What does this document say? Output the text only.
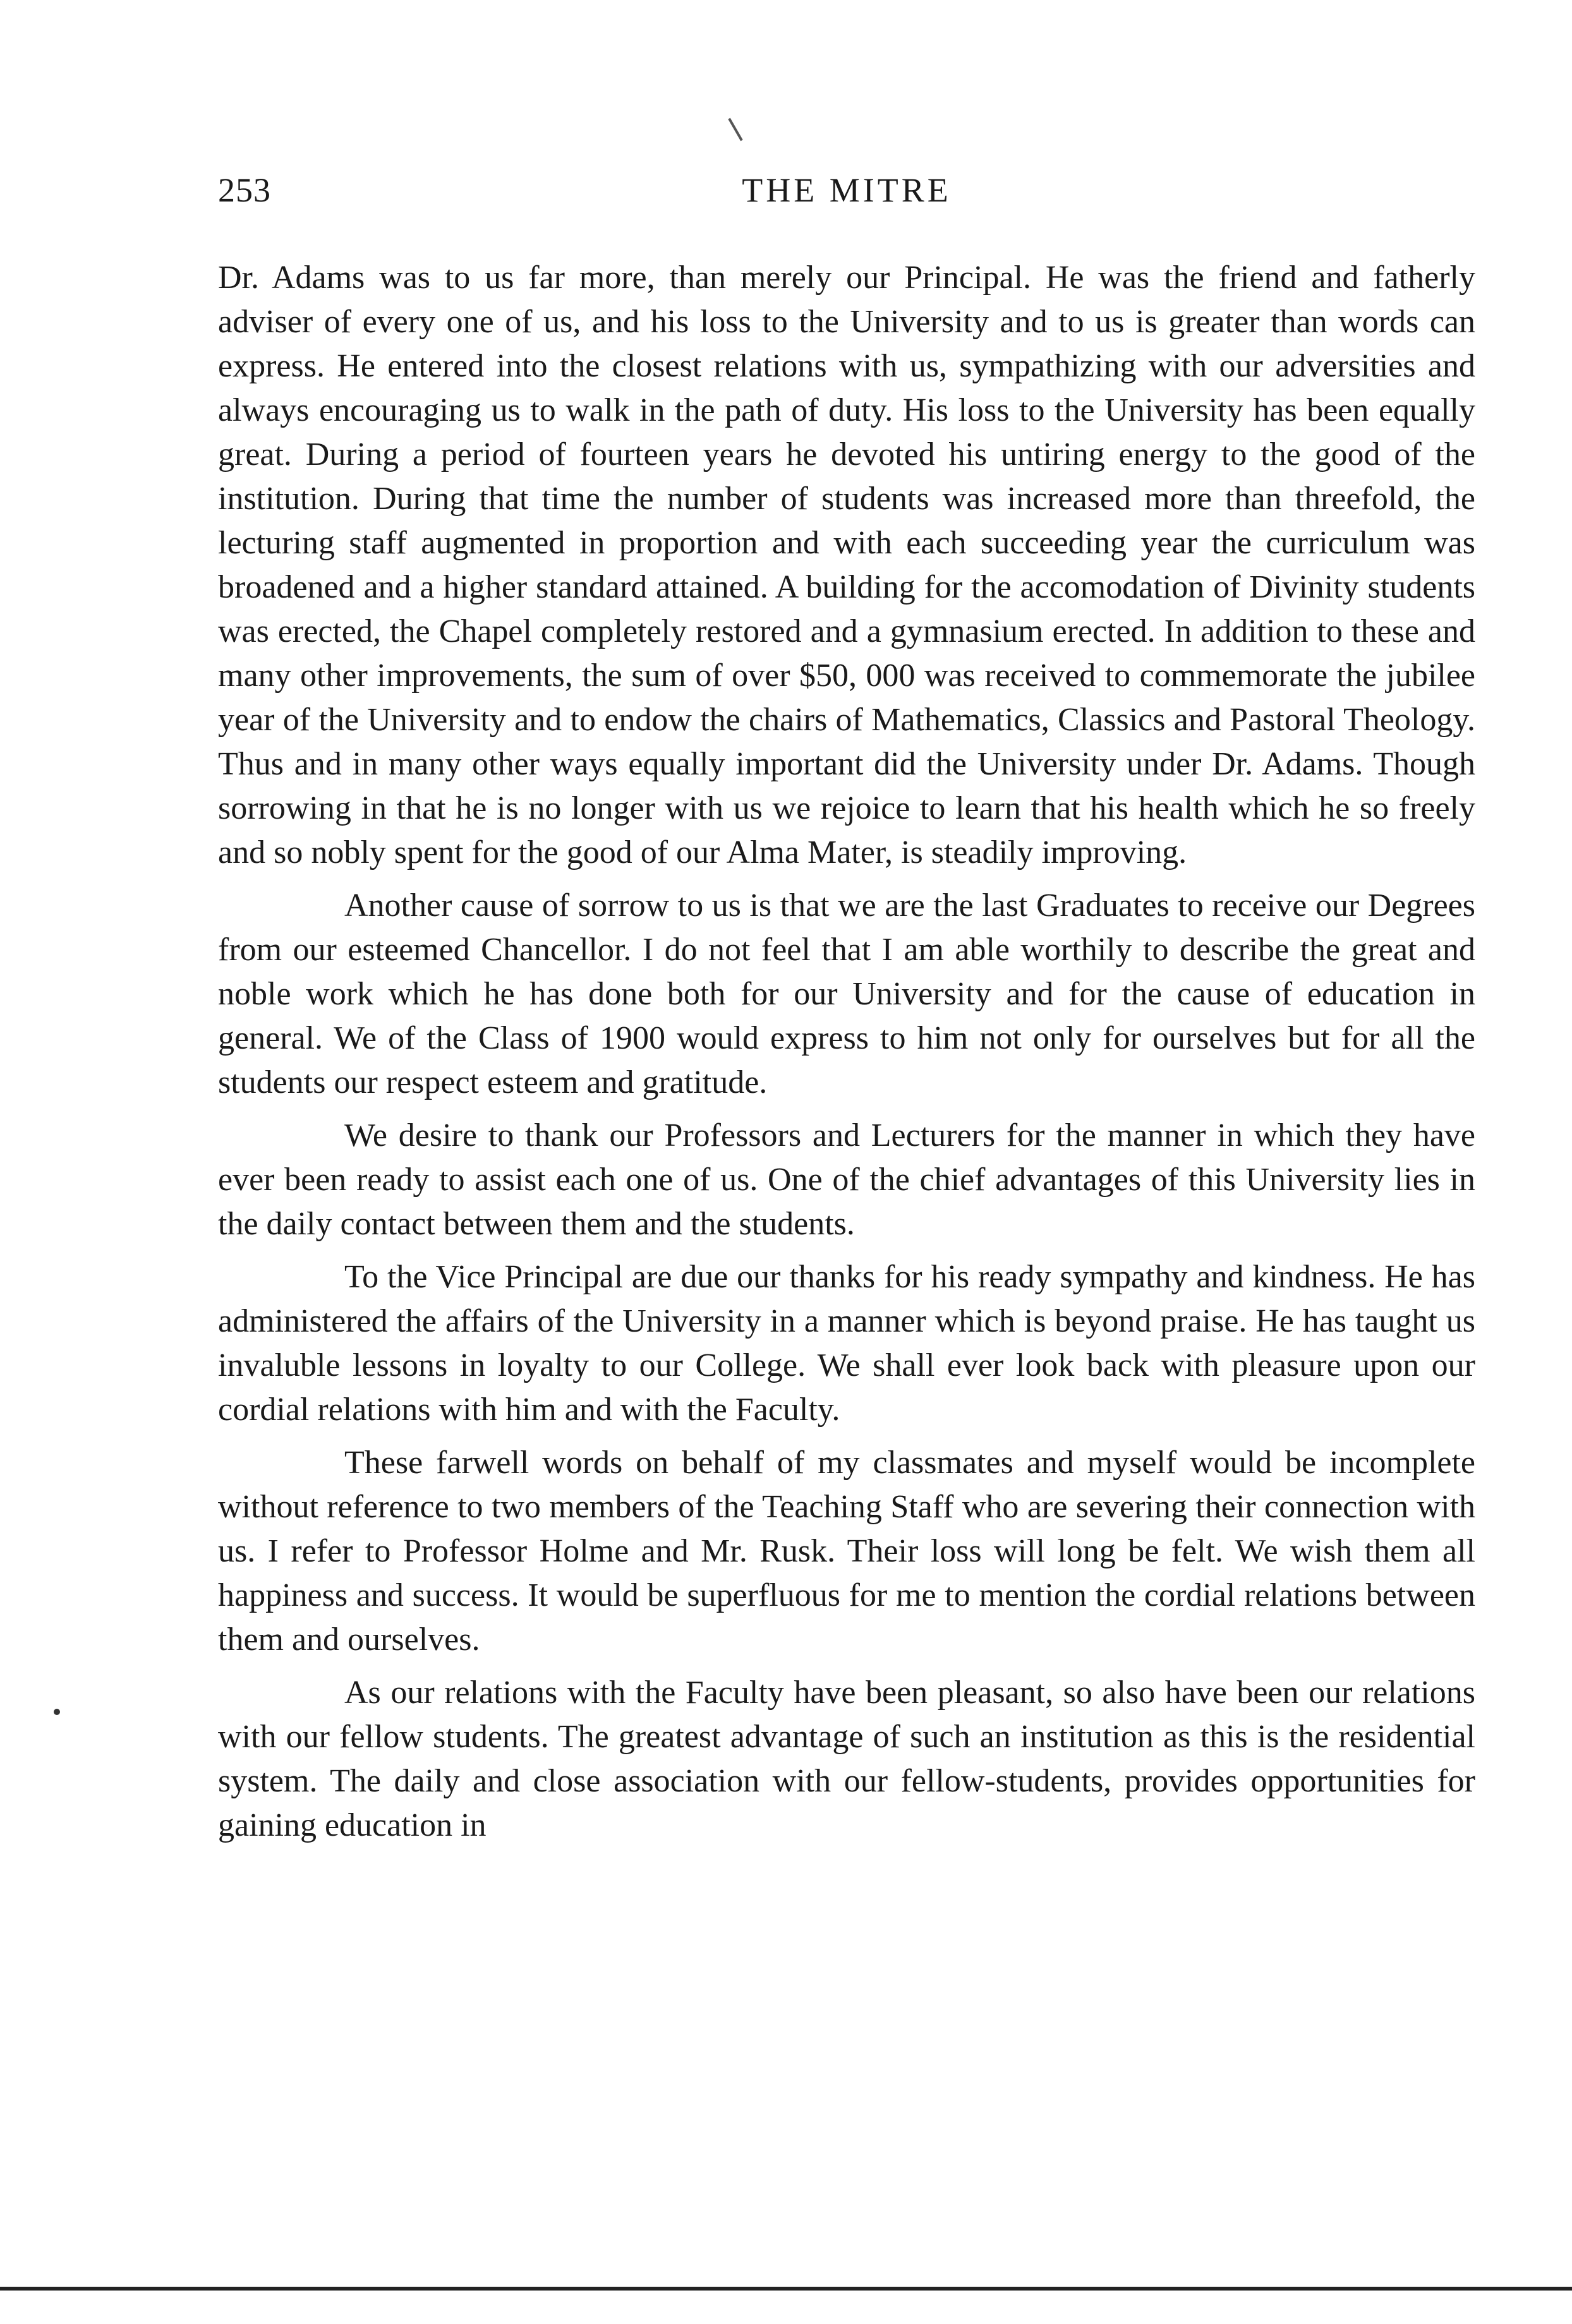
253	THE MITRE

Dr. Adams was to us far more, than merely our Principal. He was the friend and fatherly adviser of every one of us, and his loss to the University and to us is greater than words can express. He entered into the closest relations with us, sympathizing with our adversities and always encouraging us to walk in the path of duty. His loss to the University has been equally great. During a period of fourteen years he devoted his untiring energy to the good of the institution. During that time the number of students was increased more than threefold, the lecturing staff augmented in proportion and with each succeeding year the curriculum was broadened and a higher standard attained. A building for the accomodation of Divinity students was erected, the Chapel completely restored and a gymnasium erected. In addition to these and many other improvements, the sum of over $50, 000 was received to commemorate the jubilee year of the University and to endow the chairs of Mathematics, Classics and Pastoral Theology. Thus and in many other ways equally important did the University under Dr. Adams. Though sorrowing in that he is no longer with us we rejoice to learn that his health which he so freely and so nobly spent for the good of our Alma Mater, is steadily improving.

Another cause of sorrow to us is that we are the last Graduates to receive our Degrees from our esteemed Chancellor. I do not feel that I am able worthily to describe the great and noble work which he has done both for our University and for the cause of education in general. We of the Class of 1900 would express to him not only for ourselves but for all the students our respect esteem and gratitude.

We desire to thank our Professors and Lecturers for the manner in which they have ever been ready to assist each one of us. One of the chief advantages of this University lies in the daily contact between them and the students.

To the Vice Principal are due our thanks for his ready sympathy and kindness. He has administered the affairs of the University in a manner which is beyond praise. He has taught us invaluble lessons in loyalty to our College. We shall ever look back with pleasure upon our cordial relations with him and with the Faculty.

These farwell words on behalf of my classmates and myself would be incomplete without reference to two members of the Teaching Staff who are severing their connection with us. I refer to Professor Holme and Mr. Rusk. Their loss will long be felt. We wish them all happiness and success. It would be superfluous for me to mention the cordial relations between them and ourselves.

As our relations with the Faculty have been pleasant, so also have been our relations with our fellow students. The greatest advantage of such an institution as this is the residential system. The daily and close association with our fellow-students, provides opportunities for gaining education in
